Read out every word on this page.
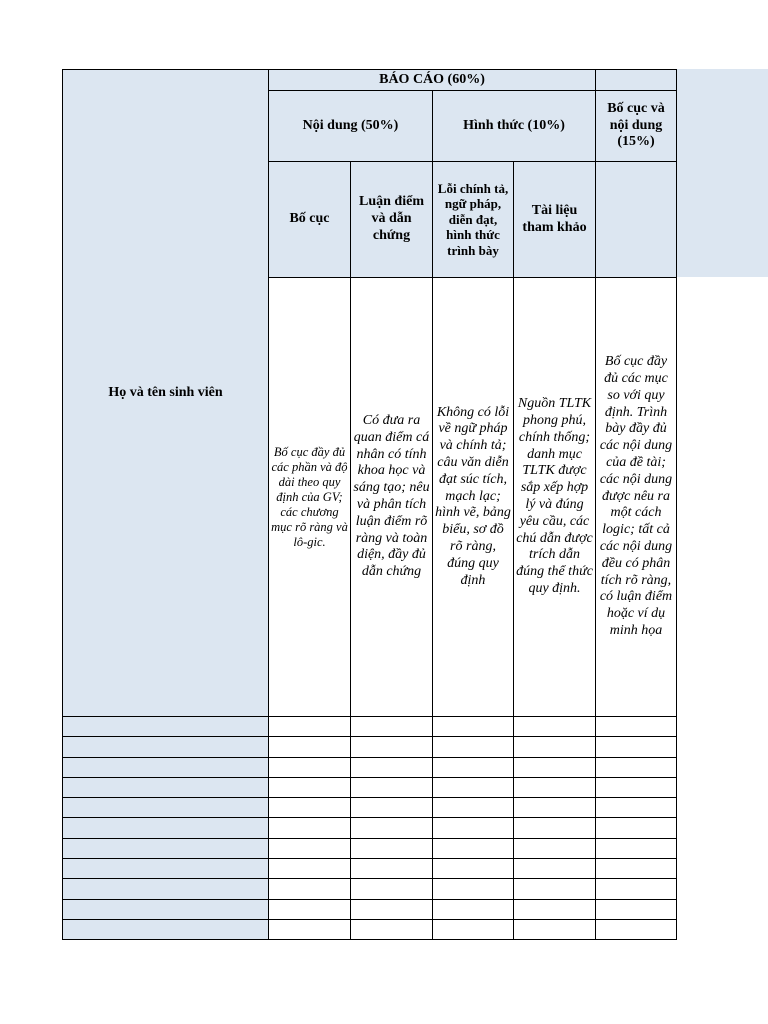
Họ và tên sinh viên	BÁO CÁO (60%)				
	Nội dung (50%)		Hình thức (10%)		Bố cục và nội dung (15%)
	Bố cục	Luận điểm và dẫn chứng	Lỗi chính tả, ngữ pháp, diễn đạt, hình thức trình bày	Tài liệu tham khảo	
	Bố cục đầy đủ các phần và độ dài theo quy định của GV; các chương mục rõ ràng và lô-gic.	Có đưa ra quan điểm cá nhân có tính khoa học và sáng tạo; nêu và phân tích luận điểm rõ ràng và toàn diện, đầy đủ dẫn chứng	Không có lỗi về ngữ pháp và chính tả; câu văn diễn đạt súc tích, mạch lạc; hình vẽ, bảng biểu, sơ đồ rõ ràng, đúng quy định	Nguồn TLTK phong phú, chính thống; danh mục TLTK được sắp xếp hợp lý và đúng yêu cầu, các chú dẫn được trích dẫn đúng thể thức quy định.	Bố cục đầy đủ các mục so với quy định. Trình bày đầy đủ các nội dung của đề tài; các nội dung được nêu ra một cách logic; tất cả các nội dung đều có phân tích rõ ràng, có luận điểm hoặc ví dụ minh họa
